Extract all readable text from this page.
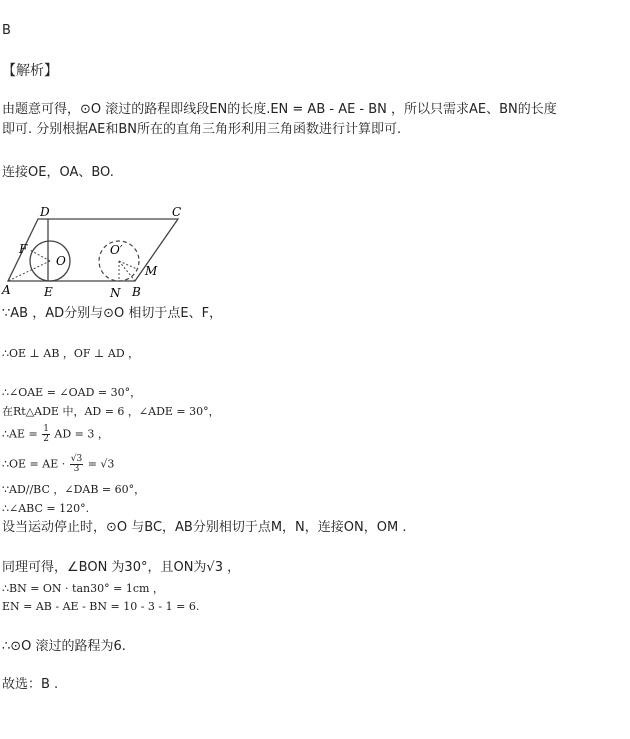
B
【解析】
由题意可得，⊙O 滚过的路程即线段EN的长度.EN = AB - AE - BN ，所以只需求AE、BN的长度
即可. 分别根据AE和BN所在的直角三角形利用三角函数进行计算即可.
连接OE，OA、BO.
D	C
F
O
O′
M
A	E	N B
∵AB ，AD分别与⊙O 相切于点E、F，
∴OE ⊥ AB ，OF ⊥ AD ，
∴∠OAE = ∠OAD = 30°，
在Rt△ADE 中，AD = 6 ，∠ADE = 30°，
∴AE = $\frac{1}{2}$ AD = 3 ，
∴OE = AE · $\frac{√3}{3} = √3$
∵AD//BC ，∠DAB = 60°，
∴∠ABC = 120°.
设当运动停止时，⊙O 与BC，AB分别相切于点M，N，连接ON，OM .
同理可得，∠BON 为30°，且ON为√3 ，
∴BN = ON · tan30° = 1cm ，
EN = AB - AE - BN = 10 - 3 - 1 = 6.
∴⊙O 滚过的路程为6.
故选：B .
